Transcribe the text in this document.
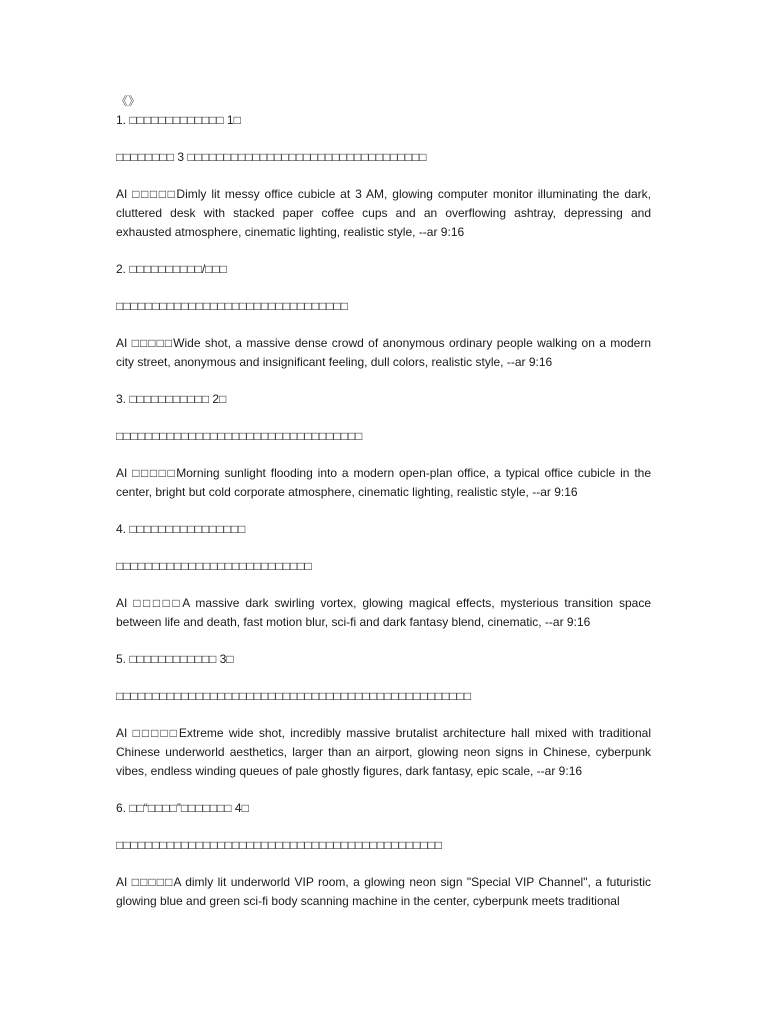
《》
1. □□□□□□□□□□□□□ 1□
□□□□□□□□ 3 □□□□□□□□□□□□□□□□□□□□□□□□□□□□□□□□□
AI □□□□□Dimly lit messy office cubicle at 3 AM, glowing computer monitor illuminating the dark, cluttered desk with stacked paper coffee cups and an overflowing ashtray, depressing and exhausted atmosphere, cinematic lighting, realistic style, --ar 9:16
2. □□□□□□□□□□/□□□
□□□□□□□□□□□□□□□□□□□□□□□□□□□□□□□□
AI □□□□□Wide shot, a massive dense crowd of anonymous ordinary people walking on a modern city street, anonymous and insignificant feeling, dull colors, realistic style, --ar 9:16
3. □□□□□□□□□□□ 2□
□□□□□□□□□□□□□□□□□□□□□□□□□□□□□□□□□□
AI □□□□□Morning sunlight flooding into a modern open-plan office, a typical office cubicle in the center, bright but cold corporate atmosphere, cinematic lighting, realistic style, --ar 9:16
4. □□□□□□□□□□□□□□□□
□□□□□□□□□□□□□□□□□□□□□□□□□□□
AI □□□□□A massive dark swirling vortex, glowing magical effects, mysterious transition space between life and death, fast motion blur, sci-fi and dark fantasy blend, cinematic, --ar 9:16
5. □□□□□□□□□□□□ 3□
□□□□□□□□□□□□□□□□□□□□□□□□□□□□□□□□□□□□□□□□□□□□□□□□□
AI □□□□□Extreme wide shot, incredibly massive brutalist architecture hall mixed with traditional Chinese underworld aesthetics, larger than an airport, glowing neon signs in Chinese, cyberpunk vibes, endless winding queues of pale ghostly figures, dark fantasy, epic scale, --ar 9:16
6. □□“□□□□”□□□□□□□ 4□
□□□□□□□□□□□□□□□□□□□□□□□□□□□□□□□□□□□□□□□□□□□□□
AI □□□□□A dimly lit underworld VIP room, a glowing neon sign "Special VIP Channel", a futuristic glowing blue and green sci-fi body scanning machine in the center, cyberpunk meets traditional
